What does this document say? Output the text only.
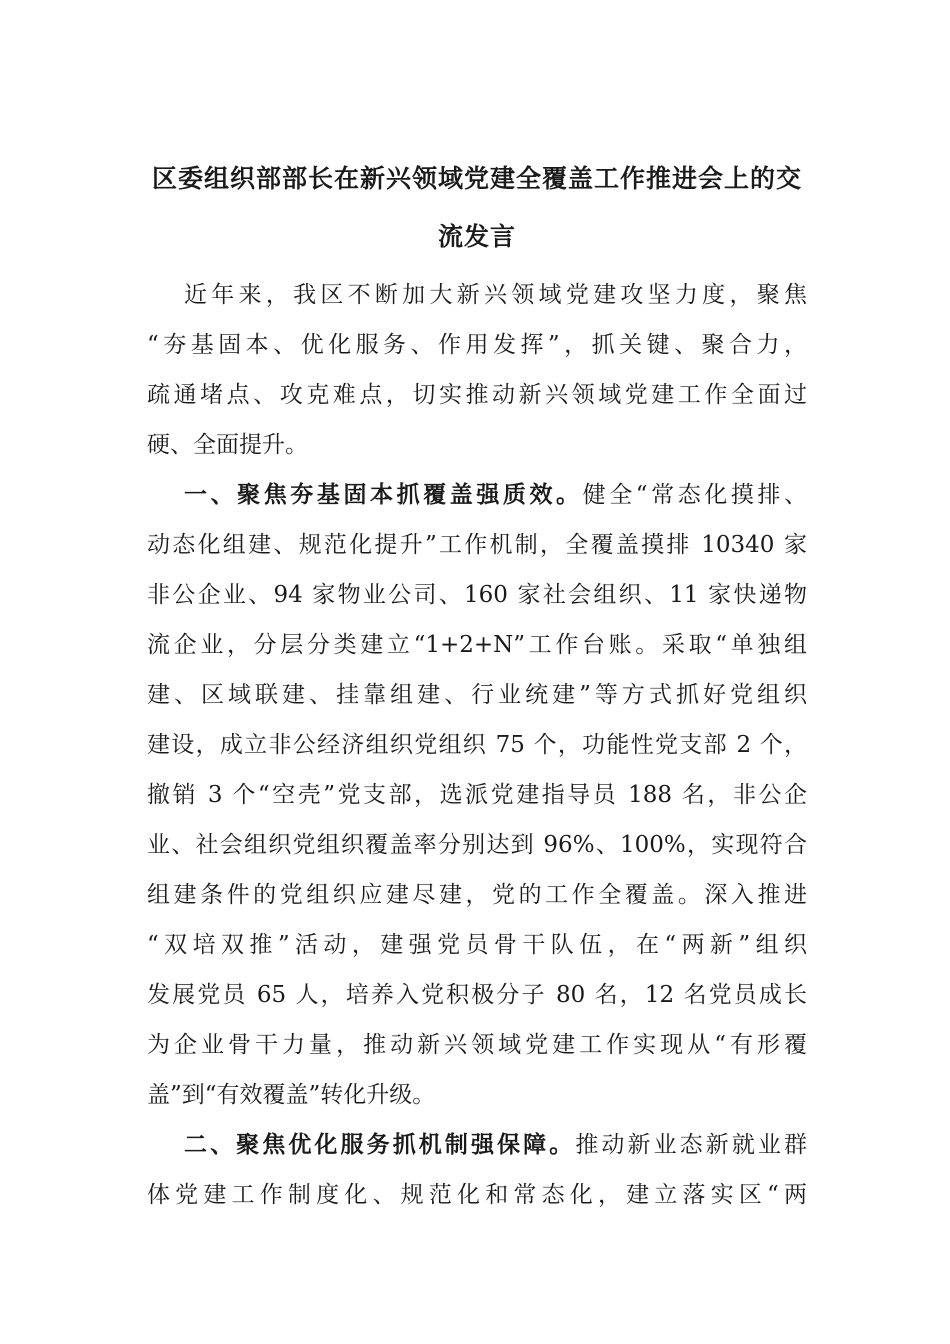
区委组织部部长在新兴领域党建全覆盖工作推进会上的交
流发言

近年来，我区不断加大新兴领域党建攻坚力度，聚焦
“夯基固本、优化服务、作用发挥”，抓关键、聚合力，
疏通堵点、攻克难点，切实推动新兴领域党建工作全面过
硬、全面提升。

一、聚焦夯基固本抓覆盖强质效。健全“常态化摸排、
动态化组建、规范化提升”工作机制，全覆盖摸排 10340 家
非公企业、94 家物业公司、160 家社会组织、11 家快递物
流企业，分层分类建立“1+2+N”工作台账。采取“单独组
建、区域联建、挂靠组建、行业统建”等方式抓好党组织
建设，成立非公经济组织党组织 75 个，功能性党支部 2 个，
撤销 3 个“空壳”党支部，选派党建指导员 188 名，非公企
业、社会组织党组织覆盖率分别达到 96%、100%，实现符合
组建条件的党组织应建尽建，党的工作全覆盖。深入推进
“双培双推”活动，建强党员骨干队伍，在“两新”组织
发展党员 65 人，培养入党积极分子 80 名，12 名党员成长
为企业骨干力量，推动新兴领域党建工作实现从“有形覆
盖”到“有效覆盖”转化升级。

二、聚焦优化服务抓机制强保障。推动新业态新就业群
体党建工作制度化、规范化和常态化，建立落实区“两
